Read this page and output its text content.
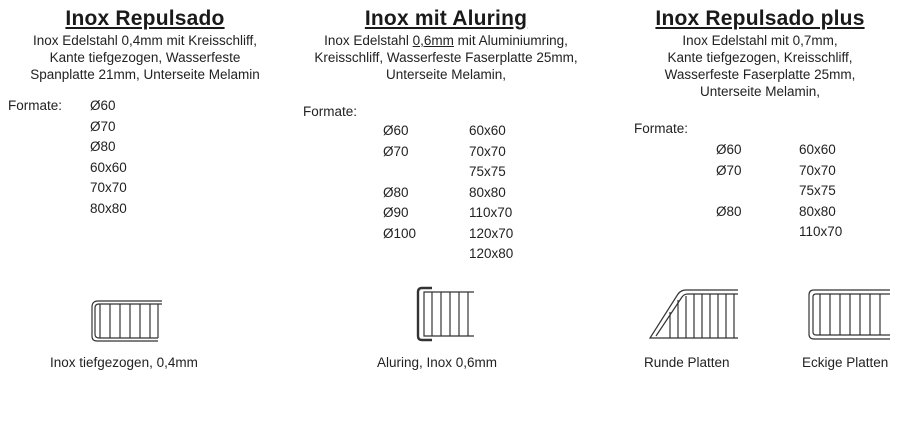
Inox Repulsado
Inox Edelstahl 0,4mm mit Kreisschliff,
Kante tiefgezogen, Wasserfeste
Spanplatte 21mm, Unterseite Melamin
Formate: Ø60
Ø70
Ø80
60x60
70x70
80x80
Inox tiefgezogen, 0,4mm
Inox mit Aluring
Inox Edelstahl 0,6mm mit Aluminiumring,
Kreisschliff, Wasserfeste Faserplatte 25mm,
Unterseite Melamin,
Formate:
Ø60
Ø70

Ø80
Ø90
Ø100
60x60
70x70
75x75
80x80
110x70
120x70
120x80
Aluring, Inox 0,6mm
Inox Repulsado plus
Inox Edelstahl mit 0,7mm,
Kante tiefgezogen, Kreisschliff,
Wasserfeste Faserplatte 25mm,
Unterseite Melamin,
Formate:
Ø60
Ø70

Ø80
60x60
70x70
75x75
80x80
110x70
Runde Platten	Eckige Platten
